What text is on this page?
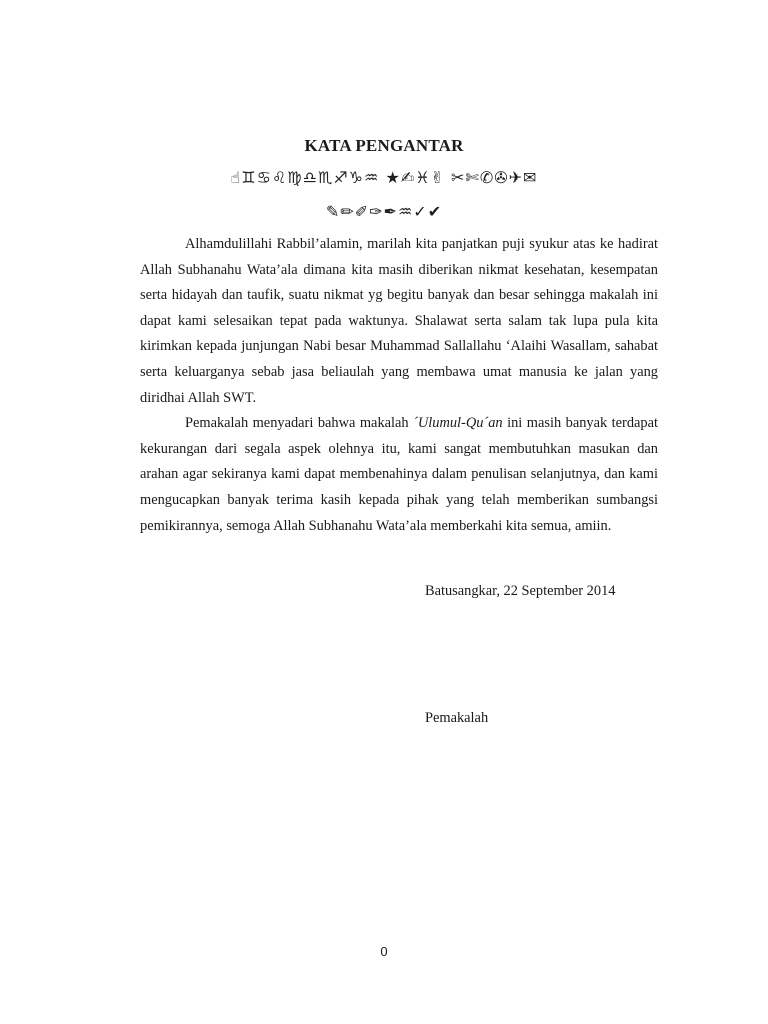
KATA PENGANTAR
☝♊♋♌♍♎♏♐♑♒ ★✍♓✌ ✂✄✆✇✈✉
✎✏✐✑✒♒✓✔

Alhamdulillahi Rabbil’alamin, marilah kita panjatkan puji syukur atas ke hadirat Allah Subhanahu Wata’ala dimana kita masih diberikan nikmat kesehatan, kesempatan serta hidayah dan taufik, suatu nikmat yg begitu banyak dan besar sehingga makalah ini dapat kami selesaikan tepat pada waktunya. Shalawat serta salam tak lupa pula kita kirimkan kepada junjungan Nabi besar Muhammad Sallallahu ‘Alaihi Wasallam, sahabat serta keluarganya sebab jasa beliaulah yang membawa umat manusia ke jalan yang diridhai Allah SWT.

Pemakalah menyadari bahwa makalah ´Ulumul-Qu´an ini masih banyak terdapat kekurangan dari segala aspek olehnya itu, kami sangat membutuhkan masukan dan arahan agar sekiranya kami dapat membenahinya dalam penulisan selanjutnya, dan kami mengucapkan banyak terima kasih kepada pihak yang telah memberikan sumbangsi pemikirannya, semoga Allah Subhanahu Wata’ala memberkahi kita semua, amiin.

Batusangkar, 22 September 2014
Pemakalah
0
